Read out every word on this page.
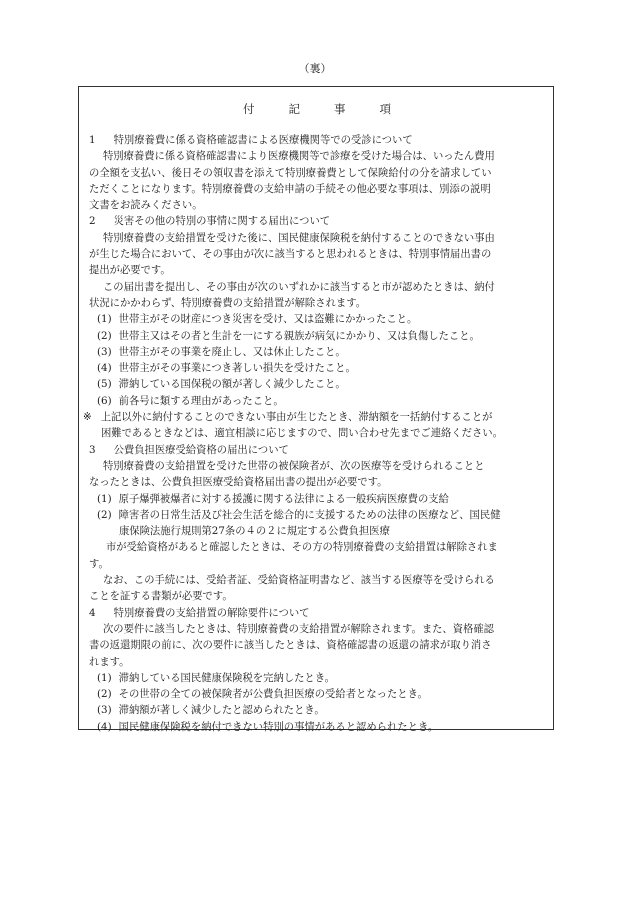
（裏）
付	記	事	項
1 特別療養費に係る資格確認書による医療機関等での受診について
特別療養費に係る資格確認書により医療機関等で診療を受けた場合は、いったん費用
の全額を支払い、後日その領収書を添えて特別療養費として保険給付の分を請求してい
ただくことになります。特別療養費の支給申請の手続その他必要な事項は、別添の説明
文書をお読みください。
2 災害その他の特別の事情に関する届出について
特別療養費の支給措置を受けた後に、国民健康保険税を納付することのできない事由
が生じた場合において、その事由が次に該当すると思われるときは、特別事情届出書の
提出が必要です。
この届出書を提出し、その事由が次のいずれかに該当すると市が認めたときは、納付
状況にかかわらず、特別療養費の支給措置が解除されます。
(1) 世帯主がその財産につき災害を受け、又は盗難にかかったこと。
(2) 世帯主又はその者と生計を一にする親族が病気にかかり、又は負傷したこと。
(3) 世帯主がその事業を廃止し、又は休止したこと。
(4) 世帯主がその事業につき著しい損失を受けたこと。
(5) 滞納している国保税の額が著しく減少したこと。
(6) 前各号に類する理由があったこと。
※ 上記以外に納付することのできない事由が生じたとき、滞納額を一括納付することが
困難であるときなどは、適宜相談に応じますので、問い合わせ先までご連絡ください。
3 公費負担医療受給資格の届出について
特別療養費の支給措置を受けた世帯の被保険者が、次の医療等を受けられることと
なったときは、公費負担医療受給資格届出書の提出が必要です。
(1) 原子爆弾被爆者に対する援護に関する法律による一般疾病医療費の支給
(2) 障害者の日常生活及び社会生活を総合的に支援するための法律の医療など、国民健
康保険法施行規則第27条の４の２に規定する公費負担医療
市が受給資格があると確認したときは、その方の特別療養費の支給措置は解除されま
す。
なお、この手続には、受給者証、受給資格証明書など、該当する医療等を受けられる
ことを証する書類が必要です。
4 特別療養費の支給措置の解除要件について
次の要件に該当したときは、特別療養費の支給措置が解除されます。また、資格確認
書の返還期限の前に、次の要件に該当したときは、資格確認書の返還の請求が取り消さ
れます。
(1) 滞納している国民健康保険税を完納したとき。
(2) その世帯の全ての被保険者が公費負担医療の受給者となったとき。
(3) 滞納額が著しく減少したと認められたとき。
(4) 国民健康保険税を納付できない特別の事情があると認められたとき。
